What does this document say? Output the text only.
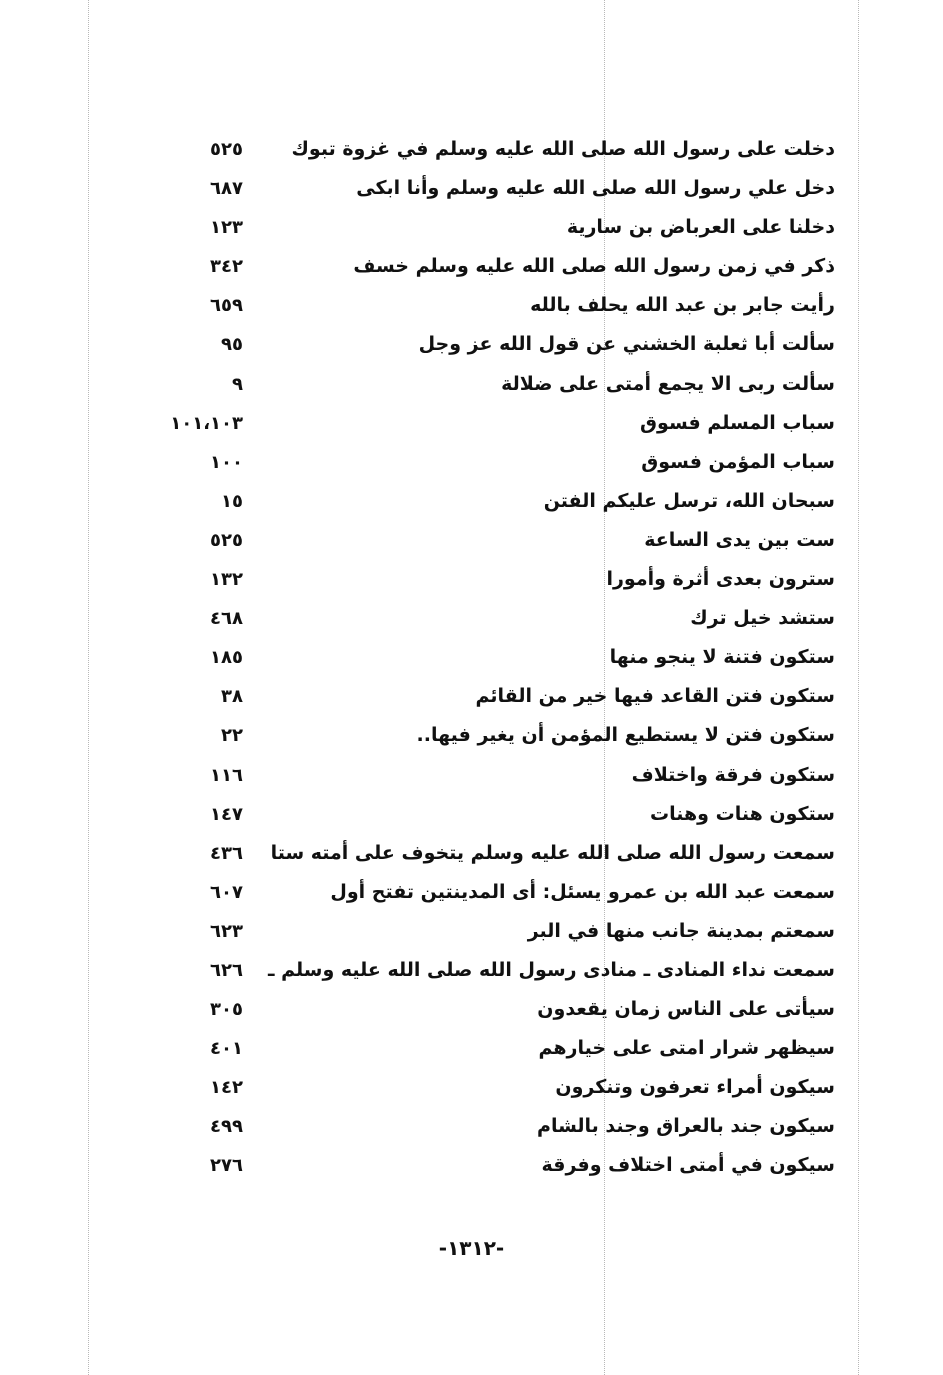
دخلت على رسول الله صلى الله عليه وسلم في غزوة تبوك
٥٢٥
دخل علي رسول الله صلى الله عليه وسلم وأنا ابكى
٦٨٧
دخلنا على العرباض بن سارية
١٢٣
ذكر في زمن رسول الله صلى الله عليه وسلم خسف
٣٤٢
رأيت جابر بن عبد الله يحلف بالله
٦٥٩
سألت أبا ثعلبة الخشني عن قول الله عز وجل
٩٥
سألت ربى الا يجمع أمتى على ضلالة
٩
سباب المسلم فسوق
١٠١،١٠٣
سباب المؤمن فسوق
١٠٠
سبحان الله، ترسل عليكم الفتن
١٥
ست بين يدى الساعة
٥٢٥
سترون بعدى أثرة وأمورا
١٣٢
ستشد خيل ترك
٤٦٨
ستكون فتنة لا ينجو منها
١٨٥
ستكون فتن القاعد فيها خير من القائم
٣٨
ستكون فتن لا يستطيع المؤمن أن يغير فيها..
٢٢
ستكون فرقة واختلاف
١١٦
ستكون هنات وهنات
١٤٧
سمعت رسول الله صلى الله عليه وسلم يتخوف على أمته ستا
٤٣٦
سمعت عبد الله بن عمرو يسئل: أى المدينتين تفتح أول
٦٠٧
سمعتم بمدينة جانب منها في البر
٦٢٣
سمعت نداء المنادى ـ منادى رسول الله صلى الله عليه وسلم ـ
٦٢٦
سيأتى على الناس زمان يقعدون
٣٠٥
سيظهر شرار امتى على خيارهم
٤٠١
سيكون أمراء تعرفون وتنكرون
١٤٢
سيكون جند بالعراق وجند بالشام
٤٩٩
سيكون في أمتى اختلاف وفرقة
٢٧٦
-١٣١٢-
